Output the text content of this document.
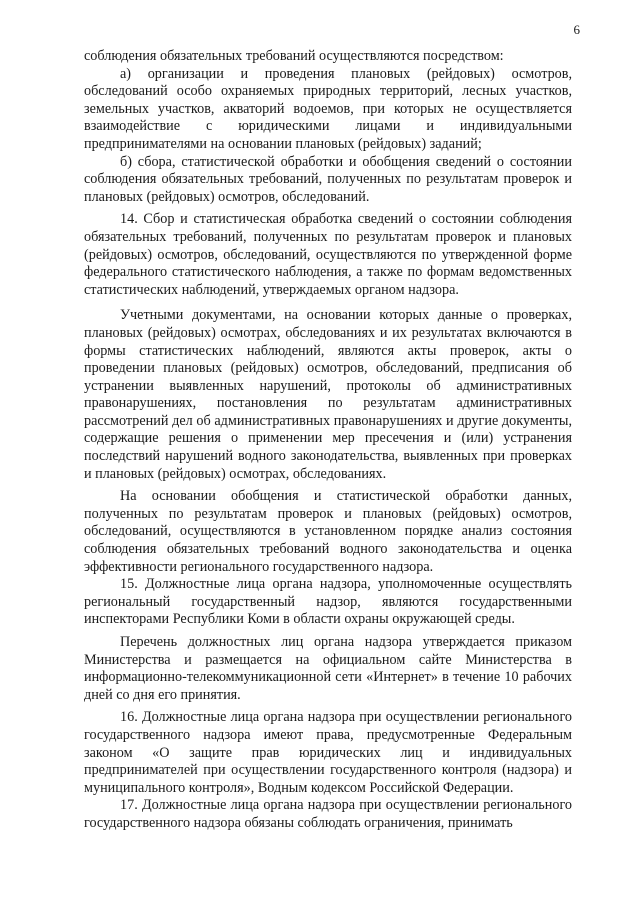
6

соблюдения обязательных требований осуществляются посредством:

а) организации и проведения плановых (рейдовых) осмотров, обследований особо охраняемых природных территорий, лесных участков, земельных участков, акваторий водоемов, при которых не осуществляется взаимодействие с юридическими лицами и индивидуальными предпринимателями на основании плановых (рейдовых) заданий;

б) сбора, статистической обработки и обобщения сведений о состоянии соблюдения обязательных требований, полученных по результатам проверок и плановых (рейдовых) осмотров, обследований.

14. Сбор и статистическая обработка сведений о состоянии соблюдения обязательных требований, полученных по результатам проверок и плановых (рейдовых) осмотров, обследований, осуществляются по утвержденной форме федерального статистического наблюдения, а также по формам ведомственных статистических наблюдений, утверждаемых органом надзора.

Учетными документами, на основании которых данные о проверках, плановых (рейдовых) осмотрах, обследованиях и их результатах включаются в формы статистических наблюдений, являются акты проверок, акты о проведении плановых (рейдовых) осмотров, обследований, предписания об устранении выявленных нарушений, протоколы об административных правонарушениях, постановления по результатам административных рассмотрений дел об административных правонарушениях и другие документы, содержащие решения о применении мер пресечения и (или) устранения последствий нарушений водного законодательства, выявленных при проверках и плановых (рейдовых) осмотрах, обследованиях.

На основании обобщения и статистической обработки данных, полученных по результатам проверок и плановых (рейдовых) осмотров, обследований, осуществляются в установленном порядке анализ состояния соблюдения обязательных требований водного законодательства и оценка эффективности регионального государственного надзора.

15. Должностные лица органа надзора, уполномоченные осуществлять региональный государственный надзор, являются государственными инспекторами Республики Коми в области охраны окружающей среды.

Перечень должностных лиц органа надзора утверждается приказом Министерства и размещается на официальном сайте Министерства в информационно-телекоммуникационной сети «Интернет» в течение 10 рабочих дней со дня его принятия.

16. Должностные лица органа надзора при осуществлении регионального государственного надзора имеют права, предусмотренные Федеральным законом «О защите прав юридических лиц и индивидуальных предпринимателей при осуществлении государственного контроля (надзора) и муниципального контроля», Водным кодексом Российской Федерации.

17. Должностные лица органа надзора при осуществлении регионального государственного надзора обязаны соблюдать ограничения, принимать
